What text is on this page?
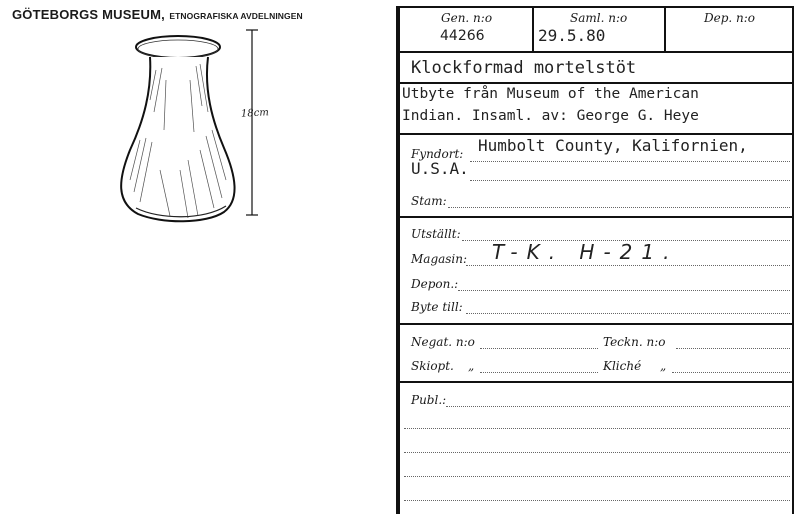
GÖTEBORGS MUSEUM, ETNOGRAFISKA AVDELNINGEN
18cm
Gen. n:o	Saml. n:o	Dep. n:o
44266	29.5.80
Klockformad mortelstöt
Utbyte från Museum of the American
Indian. Insaml. av: George G. Heye
Fyndort: Humbolt County, Kalifornien,
U.S.A.
Stam:
Utställt:
Magasin: T-K. H-21.
Depon.:
Byte till:
Negat. n:o	Teckn. n:o
Skiopt. „	Kliché „
Publ.:
